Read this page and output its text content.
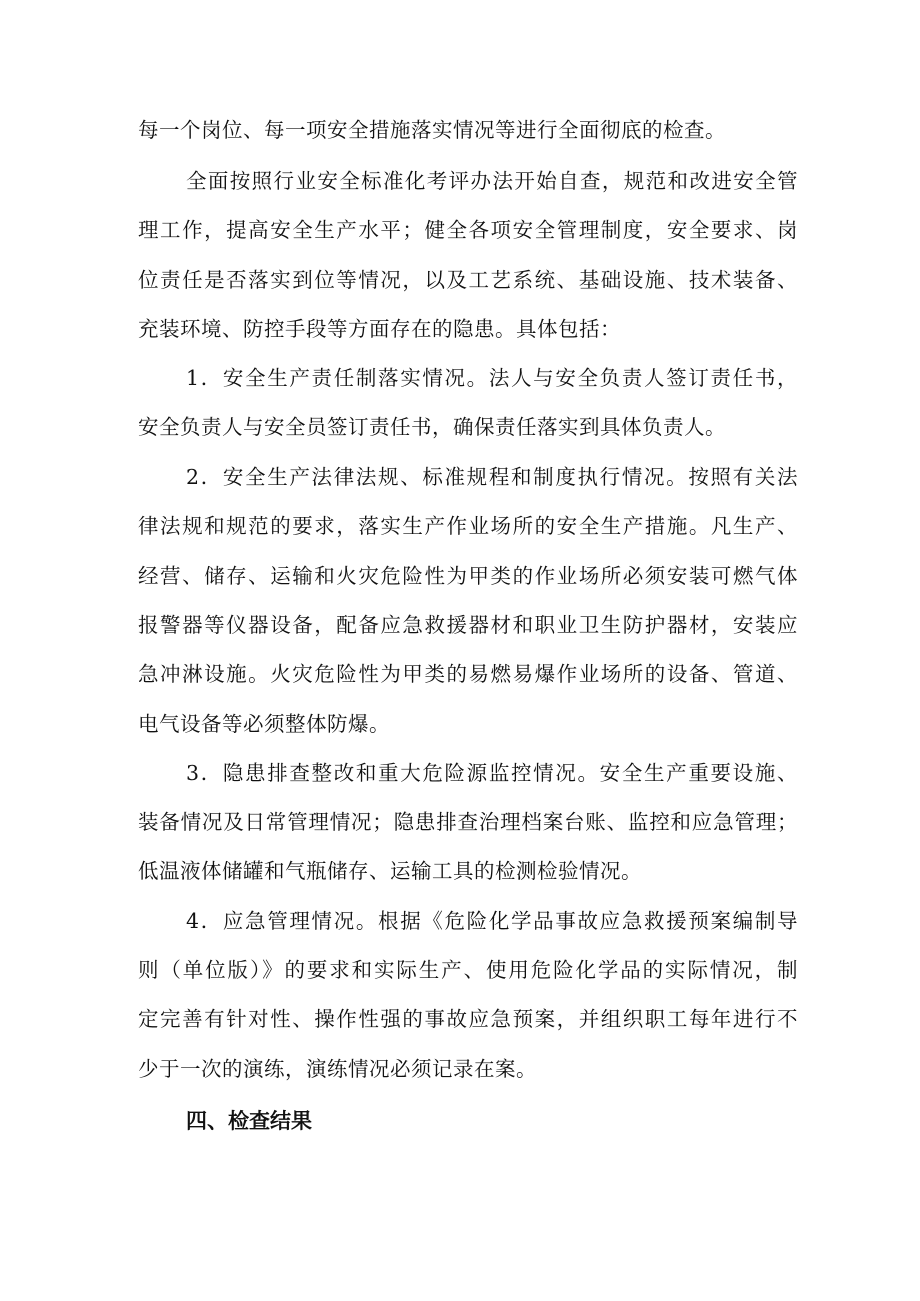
每一个岗位、每一项安全措施落实情况等进行全面彻底的检查。
全面按照行业安全标准化考评办法开始自查，规范和改进安全管
理工作，提高安全生产水平；健全各项安全管理制度，安全要求、岗
位责任是否落实到位等情况，以及工艺系统、基础设施、技术装备、
充装环境、防控手段等方面存在的隐患。具体包括：
1．安全生产责任制落实情况。法人与安全负责人签订责任书，
安全负责人与安全员签订责任书，确保责任落实到具体负责人。
2．安全生产法律法规、标准规程和制度执行情况。按照有关法
律法规和规范的要求，落实生产作业场所的安全生产措施。凡生产、
经营、储存、运输和火灾危险性为甲类的作业场所必须安装可燃气体
报警器等仪器设备，配备应急救援器材和职业卫生防护器材，安装应
急冲淋设施。火灾危险性为甲类的易燃易爆作业场所的设备、管道、
电气设备等必须整体防爆。
3．隐患排查整改和重大危险源监控情况。安全生产重要设施、
装备情况及日常管理情况；隐患排查治理档案台账、监控和应急管理；
低温液体储罐和气瓶储存、运输工具的检测检验情况。
4．应急管理情况。根据《危险化学品事故应急救援预案编制导
则（单位版）》的要求和实际生产、使用危险化学品的实际情况，制
定完善有针对性、操作性强的事故应急预案，并组织职工每年进行不
少于一次的演练，演练情况必须记录在案。
四、检查结果
